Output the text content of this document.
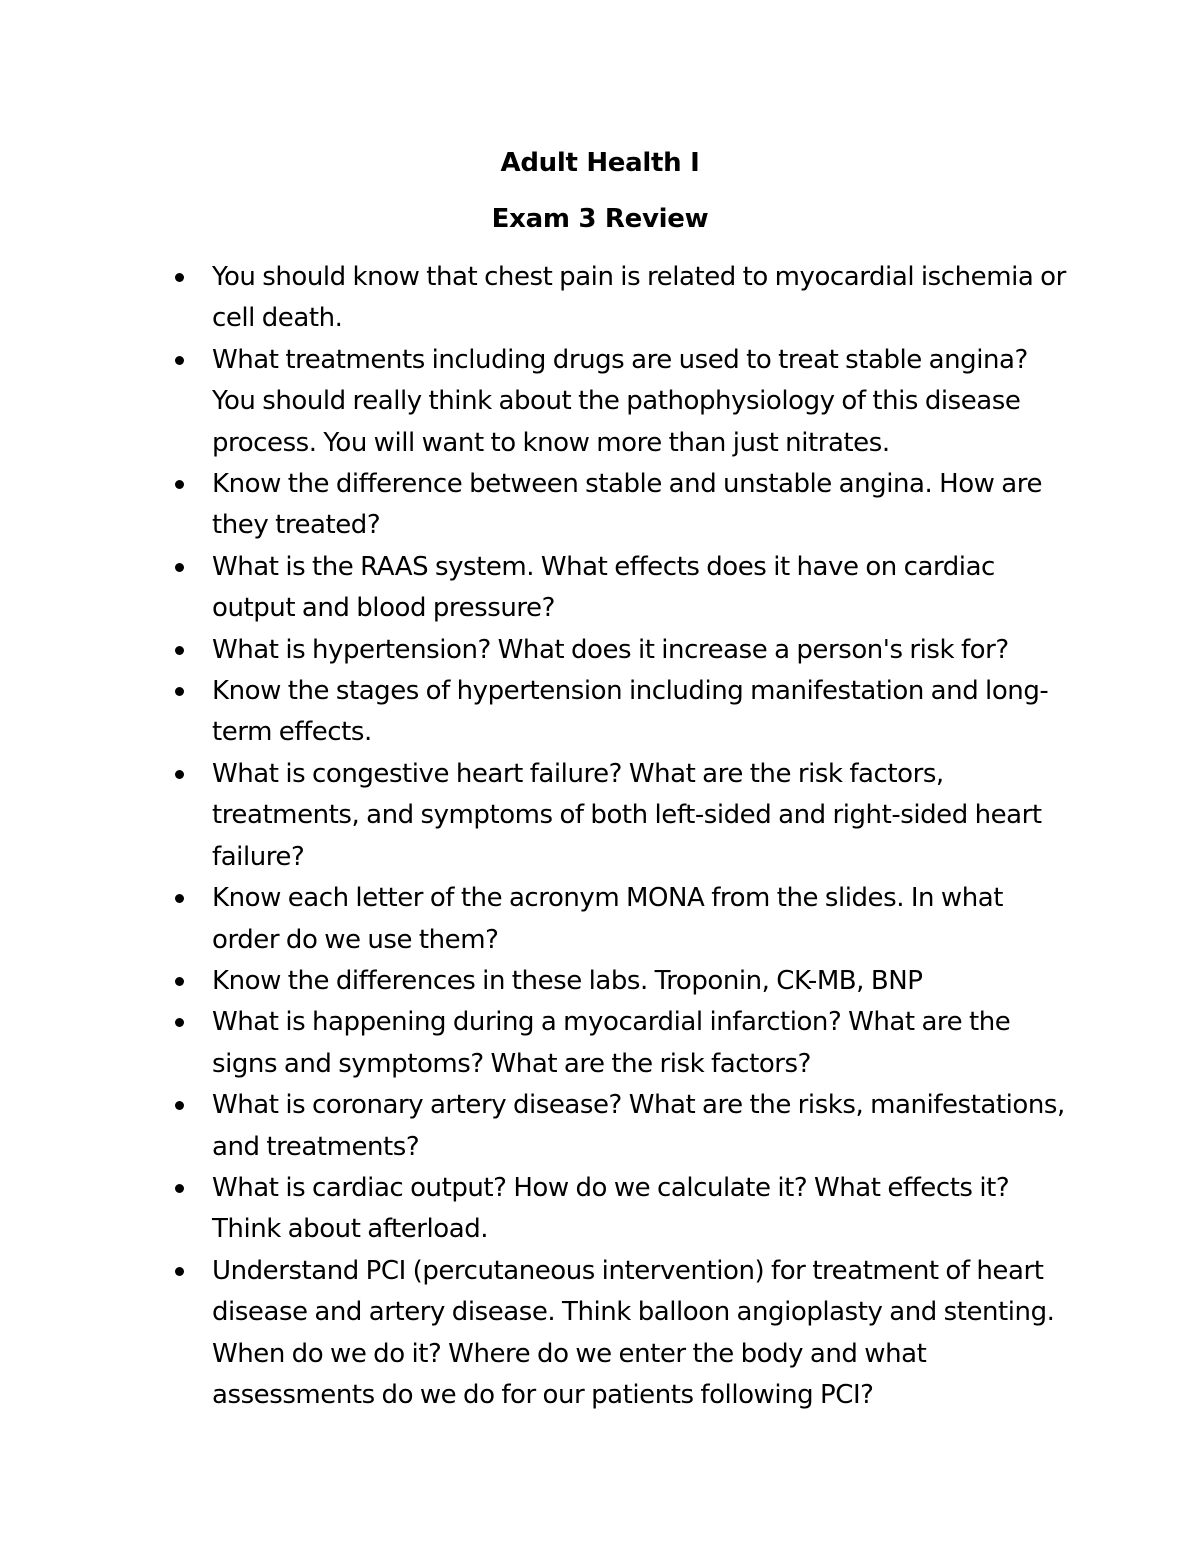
Adult Health I
Exam 3 Review
You should know that chest pain is related to myocardial ischemia or cell death.
What treatments including drugs are used to treat stable angina? You should really think about the pathophysiology of this disease process. You will want to know more than just nitrates.
Know the difference between stable and unstable angina. How are they treated?
What is the RAAS system. What effects does it have on cardiac output and blood pressure?
What is hypertension? What does it increase a person's risk for?
Know the stages of hypertension including manifestation and long-term effects.
What is congestive heart failure? What are the risk factors, treatments, and symptoms of both left-sided and right-sided heart failure?
Know each letter of the acronym MONA from the slides. In what order do we use them?
Know the differences in these labs. Troponin, CK-MB, BNP
What is happening during a myocardial infarction? What are the signs and symptoms? What are the risk factors?
What is coronary artery disease? What are the risks, manifestations, and treatments?
What is cardiac output? How do we calculate it? What effects it? Think about afterload.
Understand PCI (percutaneous intervention) for treatment of heart disease and artery disease. Think balloon angioplasty and stenting. When do we do it? Where do we enter the body and what assessments do we do for our patients following PCI?
